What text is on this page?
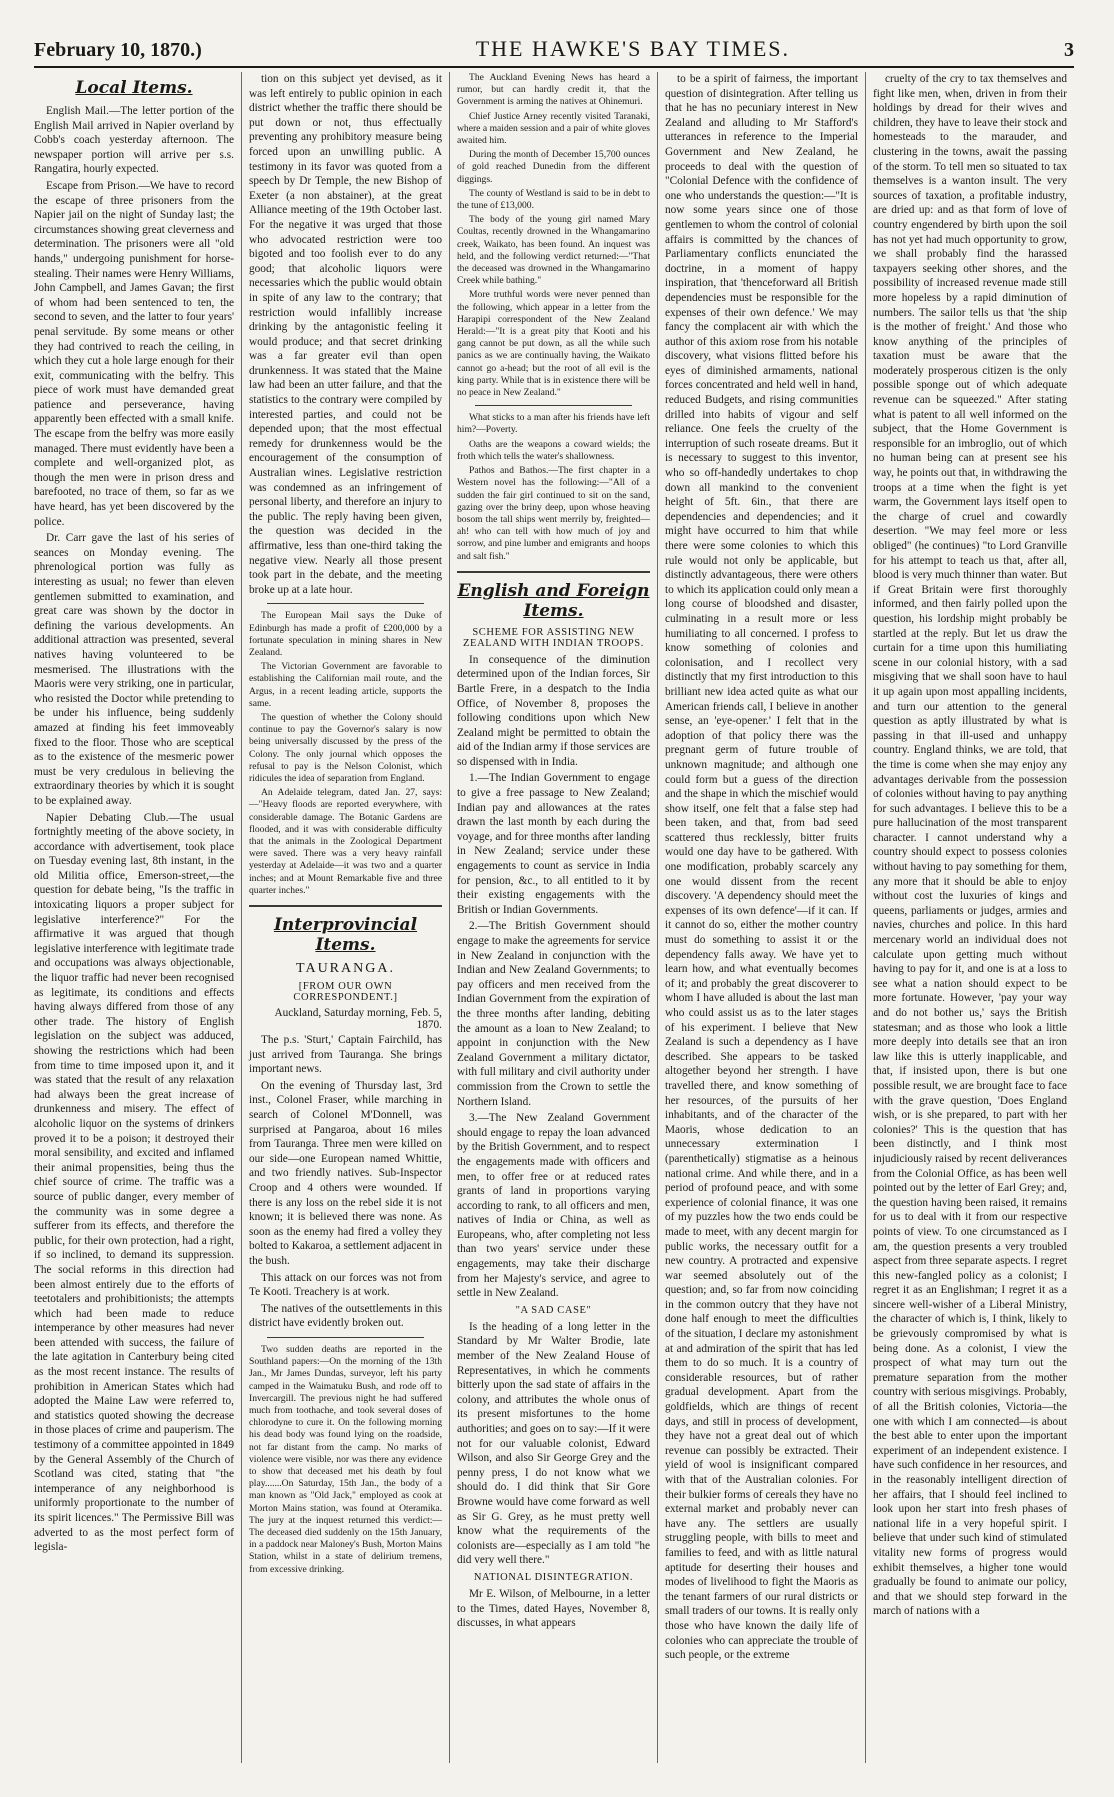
February 10, 1870.)	THE HAWKE'S BAY TIMES.	3
Local Items.

English Mail.—The letter portion of the English Mail arrived in Napier overland by Cobb's coach yesterday afternoon. The newspaper portion will arrive per s.s. Rangatira, hourly expected.

Escape from Prison.—We have to record the escape of three prisoners from the Napier jail on the night of Sunday last; the circumstances showing great cleverness and determination. The prisoners were all "old hands," undergoing punishment for horse-stealing. Their names were Henry Williams, John Campbell, and James Gavan; the first of whom had been sentenced to ten, the second to seven, and the latter to four years' penal servitude. By some means or other they had contrived to reach the ceiling, in which they cut a hole large enough for their exit, communicating with the belfry. This piece of work must have demanded great patience and perseverance, having apparently been effected with a small knife. The escape from the belfry was more easily managed. There must evidently have been a complete and well-organized plot, as though the men were in prison dress and barefooted, no trace of them, so far as we have heard, has yet been discovered by the police.

Dr. Carr gave the last of his series of seances on Monday evening. The phrenological portion was fully as interesting as usual; no fewer than eleven gentlemen submitted to examination, and great care was shown by the doctor in defining the various developments. An additional attraction was presented, several natives having volunteered to be mesmerised. The illustrations with the Maoris were very striking, one in particular, who resisted the Doctor while pretending to be under his influence, being suddenly amazed at finding his feet immoveably fixed to the floor. Those who are sceptical as to the existence of the mesmeric power must be very credulous in believing the extraordinary theories by which it is sought to be explained away.

Napier Debating Club.—The usual fortnightly meeting of the above society, in accordance with advertisement, took place on Tuesday evening last, 8th instant, in the old Militia office, Emerson-street,—the question for debate being, "Is the traffic in intoxicating liquors a proper subject for legislative interference?" For the affirmative it was argued that though legislative interference with legitimate trade and occupations was always objectionable, the liquor traffic had never been recognised as legitimate, its conditions and effects having always differed from those of any other trade. The history of English legislation on the subject was adduced, showing the restrictions which had been from time to time imposed upon it, and it was stated that the result of any relaxation had always been the great increase of drunkenness and misery. The effect of alcoholic liquor on the systems of drinkers proved it to be a poison; it destroyed their moral sensibility, and excited and inflamed their animal propensities, being thus the chief source of crime. The traffic was a source of public danger, every member of the community was in some degree a sufferer from its effects, and therefore the public, for their own protection, had a right, if so inclined, to demand its suppression. The social reforms in this direction had been almost entirely due to the efforts of teetotalers and prohibitionists; the attempts which had been made to reduce intemperance by other measures had never been attended with success, the failure of the late agitation in Canterbury being cited as the most recent instance. The results of prohibition in American States which had adopted the Maine Law were referred to, and statistics quoted showing the decrease in those places of crime and pauperism. The testimony of a committee appointed in 1849 by the General Assembly of the Church of Scotland was cited, stating that "the intemperance of any neighborhood is uniformly proportionate to the number of its spirit licences." The Permissive Bill was adverted to as the most perfect form of legisla-

tion on this subject yet devised, as it was left entirely to public opinion in each district whether the traffic there should be put down or not, thus effectually preventing any prohibitory measure being forced upon an unwilling public. A testimony in its favor was quoted from a speech by Dr Temple, the new Bishop of Exeter (a non abstainer), at the great Alliance meeting of the 19th October last. For the negative it was urged that those who advocated restriction were too bigoted and too foolish ever to do any good; that alcoholic liquors were necessaries which the public would obtain in spite of any law to the contrary; that restriction would infallibly increase drinking by the antagonistic feeling it would produce; and that secret drinking was a far greater evil than open drunkenness. It was stated that the Maine law had been an utter failure, and that the statistics to the contrary were compiled by interested parties, and could not be depended upon; that the most effectual remedy for drunkenness would be the encouragement of the consumption of Australian wines. Legislative restriction was condemned as an infringement of personal liberty, and therefore an injury to the public. The reply having been given, the question was decided in the affirmative, less than one-third taking the negative view. Nearly all those present took part in the debate, and the meeting broke up at a late hour.

The European Mail says the Duke of Edinburgh has made a profit of £200,000 by a fortunate speculation in mining shares in New Zealand.

The Victorian Government are favorable to establishing the Californian mail route, and the Argus, in a recent leading article, supports the same.

The question of whether the Colony should continue to pay the Governor's salary is now being universally discussed by the press of the Colony. The only journal which opposes the refusal to pay is the Nelson Colonist, which ridicules the idea of separation from England.

An Adelaide telegram, dated Jan. 27, says:—"Heavy floods are reported everywhere, with considerable damage. The Botanic Gardens are flooded, and it was with considerable difficulty that the animals in the Zoological Department were saved. There was a very heavy rainfall yesterday at Adelaide—it was two and a quarter inches; and at Mount Remarkable five and three quarter inches."

Interprovincial Items.
TAURANGA.
[FROM OUR OWN CORRESPONDENT.]
Auckland, Saturday morning, Feb. 5, 1870.

The p.s. 'Sturt,' Captain Fairchild, has just arrived from Tauranga. She brings important news.

On the evening of Thursday last, 3rd inst., Colonel Fraser, while marching in search of Colonel M'Donnell, was surprised at Pangaroa, about 16 miles from Tauranga. Three men were killed on our side—one European named Whittie, and two friendly natives. Sub-Inspector Croop and 4 others were wounded. If there is any loss on the rebel side it is not known; it is believed there was none. As soon as the enemy had fired a volley they bolted to Kakaroa, a settlement adjacent in the bush.

This attack on our forces was not from Te Kooti. Treachery is at work.

The natives of the outsettlements in this district have evidently broken out.

Two sudden deaths are reported in the Southland papers:—On the morning of the 13th Jan., Mr James Dundas, surveyor, left his party camped in the Waimatuku Bush, and rode off to Invercargill. The previous night he had suffered much from toothache, and took several doses of chlorodyne to cure it. On the following morning his dead body was found lying on the roadside, not far distant from the camp. No marks of violence were visible, nor was there any evidence to show that deceased met his death by foul play.......On Saturday, 15th Jan., the body of a man known as "Old Jack," employed as cook at Morton Mains station, was found at Oteramika. The jury at the inquest returned this verdict:—The deceased died suddenly on the 15th January, in a paddock near Maloney's Bush, Morton Mains Station, whilst in a state of delirium tremens, from excessive drinking.

The Auckland Evening News has heard a rumor, but can hardly credit it, that the Government is arming the natives at Ohinemuri.

Chief Justice Arney recently visited Taranaki, where a maiden session and a pair of white gloves awaited him.

During the month of December 15,700 ounces of gold reached Dunedin from the different diggings.

The county of Westland is said to be in debt to the tune of £13,000.

The body of the young girl named Mary Coultas, recently drowned in the Whangamarino creek, Waikato, has been found. An inquest was held, and the following verdict returned:—"That the deceased was drowned in the Whangamarino Creek while bathing."

More truthful words were never penned than the following, which appear in a letter from the Harapipi correspondent of the New Zealand Herald:—"It is a great pity that Kooti and his gang cannot be put down, as all the while such panics as we are continually having, the Waikato cannot go a-head; but the root of all evil is the king party. While that is in existence there will be no peace in New Zealand."

What sticks to a man after his friends have left him?—Poverty.

Oaths are the weapons a coward wields; the froth which tells the water's shallowness.

Pathos and Bathos.—The first chapter in a Western novel has the following:—"All of a sudden the fair girl continued to sit on the sand, gazing over the briny deep, upon whose heaving bosom the tall ships went merrily by, freighted—ah! who can tell with how much of joy and sorrow, and pine lumber and emigrants and hoops and salt fish."

English and Foreign Items.
SCHEME FOR ASSISTING NEW ZEALAND WITH INDIAN TROOPS.

In consequence of the diminution determined upon of the Indian forces, Sir Bartle Frere, in a despatch to the India Office, of November 8, proposes the following conditions upon which New Zealand might be permitted to obtain the aid of the Indian army if those services are so dispensed with in India.

1.—The Indian Government to engage to give a free passage to New Zealand; Indian pay and allowances at the rates drawn the last month by each during the voyage, and for three months after landing in New Zealand; service under these engagements to count as service in India for pension, &c., to all entitled to it by their existing engagements with the British or Indian Governments.

2.—The British Government should engage to make the agreements for service in New Zealand in conjunction with the Indian and New Zealand Governments; to pay officers and men received from the Indian Government from the expiration of the three months after landing, debiting the amount as a loan to New Zealand; to appoint in conjunction with the New Zealand Government a military dictator, with full military and civil authority under commission from the Crown to settle the Northern Island.

3.—The New Zealand Government should engage to repay the loan advanced by the British Government, and to respect the engagements made with officers and men, to offer free or at reduced rates grants of land in proportions varying according to rank, to all officers and men, natives of India or China, as well as Europeans, who, after completing not less than two years' service under these engagements, may take their discharge from her Majesty's service, and agree to settle in New Zealand.

"A SAD CASE"

Is the heading of a long letter in the Standard by Mr Walter Brodie, late member of the New Zealand House of Representatives, in which he comments bitterly upon the sad state of affairs in the colony, and attributes the whole onus of its present misfortunes to the home authorities; and goes on to say:—If it were not for our valuable colonist, Edward Wilson, and also Sir George Grey and the penny press, I do not know what we should do. I did think that Sir Gore Browne would have come forward as well as Sir G. Grey, as he must pretty well know what the requirements of the colonists are—especially as I am told "he did very well there."

NATIONAL DISINTEGRATION.

Mr E. Wilson, of Melbourne, in a letter to the Times, dated Hayes, November 8, discusses, in what appears

to be a spirit of fairness, the important question of disintegration. After telling us that he has no pecuniary interest in New Zealand and alluding to Mr Stafford's utterances in reference to the Imperial Government and New Zealand, he proceeds to deal with the question of "Colonial Defence with the confidence of one who understands the question:—"It is now some years since one of those gentlemen to whom the control of colonial affairs is committed by the chances of Parliamentary conflicts enunciated the doctrine, in a moment of happy inspiration, that 'thenceforward all British dependencies must be responsible for the expenses of their own defence.' We may fancy the complacent air with which the author of this axiom rose from his notable discovery, what visions flitted before his eyes of diminished armaments, national forces concentrated and held well in hand, reduced Budgets, and rising communities drilled into habits of vigour and self reliance. One feels the cruelty of the interruption of such roseate dreams. But it is necessary to suggest to this inventor, who so off-handedly undertakes to chop down all mankind to the convenient height of 5ft. 6in., that there are dependencies and dependencies; and it might have occurred to him that while there were some colonies to which this rule would not only be applicable, but distinctly advantageous, there were others to which its application could only mean a long course of bloodshed and disaster, culminating in a result more or less humiliating to all concerned. I profess to know something of colonies and colonisation, and I recollect very distinctly that my first introduction to this brilliant new idea acted quite as what our American friends call, I believe in another sense, an 'eye-opener.' I felt that in the adoption of that policy there was the pregnant germ of future trouble of unknown magnitude; and although one could form but a guess of the direction and the shape in which the mischief would show itself, one felt that a false step had been taken, and that, from bad seed scattered thus recklessly, bitter fruits would one day have to be gathered. With one modification, probably scarcely any one would dissent from the recent discovery. 'A dependency should meet the expenses of its own defence'—if it can. If it cannot do so, either the mother country must do something to assist it or the dependency falls away. We have yet to learn how, and what eventually becomes of it; and probably the great discoverer to whom I have alluded is about the last man who could assist us as to the later stages of his experiment. I believe that New Zealand is such a dependency as I have described. She appears to be tasked altogether beyond her strength. I have travelled there, and know something of her resources, of the pursuits of her inhabitants, and of the character of the Maoris, whose dedication to an unnecessary extermination I (parenthetically) stigmatise as a heinous national crime. And while there, and in a period of profound peace, and with some experience of colonial finance, it was one of my puzzles how the two ends could be made to meet, with any decent margin for public works, the necessary outfit for a new country. A protracted and expensive war seemed absolutely out of the question; and, so far from now coinciding in the common outcry that they have not done half enough to meet the difficulties of the situation, I declare my astonishment at and admiration of the spirit that has led them to do so much. It is a country of considerable resources, but of rather gradual development. Apart from the goldfields, which are things of recent days, and still in process of development, they have not a great deal out of which revenue can possibly be extracted. Their yield of wool is insignificant compared with that of the Australian colonies. For their bulkier forms of cereals they have no external market and probably never can have any. The settlers are usually struggling people, with bills to meet and families to feed, and with as little natural aptitude for deserting their houses and modes of livelihood to fight the Maoris as the tenant farmers of our rural districts or small traders of our towns. It is really only those who have known the daily life of colonies who can appreciate the trouble of such people, or the extreme

cruelty of the cry to tax themselves and fight like men, when, driven in from their holdings by dread for their wives and children, they have to leave their stock and homesteads to the marauder, and clustering in the towns, await the passing of the storm. To tell men so situated to tax themselves is a wanton insult. The very sources of taxation, a profitable industry, are dried up: and as that form of love of country engendered by birth upon the soil has not yet had much opportunity to grow, we shall probably find the harassed taxpayers seeking other shores, and the possibility of increased revenue made still more hopeless by a rapid diminution of numbers. The sailor tells us that 'the ship is the mother of freight.' And those who know anything of the principles of taxation must be aware that the moderately prosperous citizen is the only possible sponge out of which adequate revenue can be squeezed." After stating what is patent to all well informed on the subject, that the Home Government is responsible for an imbroglio, out of which no human being can at present see his way, he points out that, in withdrawing the troops at a time when the fight is yet warm, the Government lays itself open to the charge of cruel and cowardly desertion. "We may feel more or less obliged" (he continues) "to Lord Granville for his attempt to teach us that, after all, blood is very much thinner than water. But if Great Britain were first thoroughly informed, and then fairly polled upon the question, his lordship might probably be startled at the reply. But let us draw the curtain for a time upon this humiliating scene in our colonial history, with a sad misgiving that we shall soon have to haul it up again upon most appalling incidents, and turn our attention to the general question as aptly illustrated by what is passing in that ill-used and unhappy country. England thinks, we are told, that the time is come when she may enjoy any advantages derivable from the possession of colonies without having to pay anything for such advantages. I believe this to be a pure hallucination of the most transparent character. I cannot understand why a country should expect to possess colonies without having to pay something for them, any more that it should be able to enjoy without cost the luxuries of kings and queens, parliaments or judges, armies and navies, churches and police. In this hard mercenary world an individual does not calculate upon getting much without having to pay for it, and one is at a loss to see what a nation should expect to be more fortunate. However, 'pay your way and do not bother us,' says the British statesman; and as those who look a little more deeply into details see that an iron law like this is utterly inapplicable, and that, if insisted upon, there is but one possible result, we are brought face to face with the grave question, 'Does England wish, or is she prepared, to part with her colonies?' This is the question that has been distinctly, and I think most injudiciously raised by recent deliverances from the Colonial Office, as has been well pointed out by the letter of Earl Grey; and, the question having been raised, it remains for us to deal with it from our respective points of view. To one circumstanced as I am, the question presents a very troubled aspect from three separate aspects. I regret this new-fangled policy as a colonist; I regret it as an Englishman; I regret it as a sincere well-wisher of a Liberal Ministry, the character of which is, I think, likely to be grievously compromised by what is being done. As a colonist, I view the prospect of what may turn out the premature separation from the mother country with serious misgivings. Probably, of all the British colonies, Victoria—the one with which I am connected—is about the best able to enter upon the important experiment of an independent existence. I have such confidence in her resources, and in the reasonably intelligent direction of her affairs, that I should feel inclined to look upon her start into fresh phases of national life in a very hopeful spirit. I believe that under such kind of stimulated vitality new forms of progress would exhibit themselves, a higher tone would gradually be found to animate our policy, and that we should step forward in the march of nations with a
